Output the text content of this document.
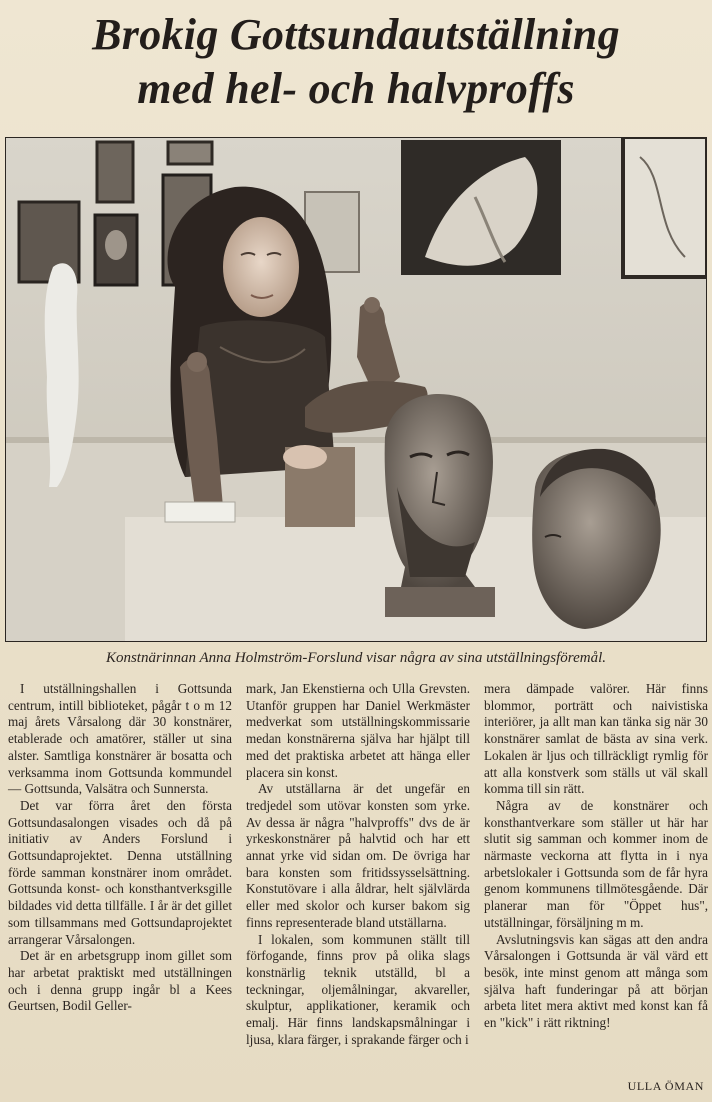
Brokig Gottsundautställning
med hel- och halvproffs
Konstnärinnan Anna Holmström-Forslund visar några av sina utställningsföremål.

I utställningshallen i Gottsunda centrum, intill biblioteket, pågår t o m 12 maj årets Vårsalong där 30 konstnärer, etablerade och amatörer, ställer ut sina alster. Samtliga konstnärer är bosatta och verksamma inom Gottsunda kommundel — Gottsunda, Valsätra och Sunnersta.

Det var förra året den första Gottsundasalongen visades och då på initiativ av Anders Forslund i Gottsundaprojektet. Denna utställning förde samman konstnärer inom området. Gottsunda konst- och konsthantverksgille bildades vid detta tillfälle. I år är det gillet som tillsammans med Gottsundaprojektet arrangerar Vårsalongen.

Det är en arbetsgrupp inom gillet som har arbetat praktiskt med utställningen och i denna grupp ingår bl a Kees Geurtsen, Bodil Geller-

mark, Jan Ekenstierna och Ulla Grevsten. Utanför gruppen har Daniel Werkmäster medverkat som utställningskommissarie medan konstnärerna själva har hjälpt till med det praktiska arbetet att hänga eller placera sin konst.

Av utställarna är det ungefär en tredjedel som utövar konsten som yrke. Av dessa är några "halvproffs" dvs de är yrkeskonstnärer på halvtid och har ett annat yrke vid sidan om. De övriga har bara konsten som fritidssysselsättning. Konstutövare i alla åldrar, helt självlärda eller med skolor och kurser bakom sig finns representerade bland utställarna.

I lokalen, som kommunen ställt till förfogande, finns prov på olika slags konstnärlig teknik utställd, bl a teckningar, oljemålningar, akvareller, skulptur, applikationer, keramik och emalj. Här finns landskapsmålningar i ljusa, klara färger, i sprakande färger och i

mera dämpade valörer. Här finns blommor, porträtt och naivistiska interiörer, ja allt man kan tänka sig när 30 konstnärer samlat de bästa av sina verk. Lokalen är ljus och tillräckligt rymlig för att alla konstverk som ställs ut väl skall komma till sin rätt.

Några av de konstnärer och konsthantverkare som ställer ut här har slutit sig samman och kommer inom de närmaste veckorna att flytta in i nya arbetslokaler i Gottsunda som de får hyra genom kommunens tillmötesgående. Där planerar man för "Öppet hus", utställningar, försäljning m m.

Avslutningsvis kan sägas att den andra Vårsalongen i Gottsunda är väl värd ett besök, inte minst genom att många som själva haft funderingar på att början arbeta litet mera aktivt med konst kan få en "kick" i rätt riktning!

ULLA ÖMAN
